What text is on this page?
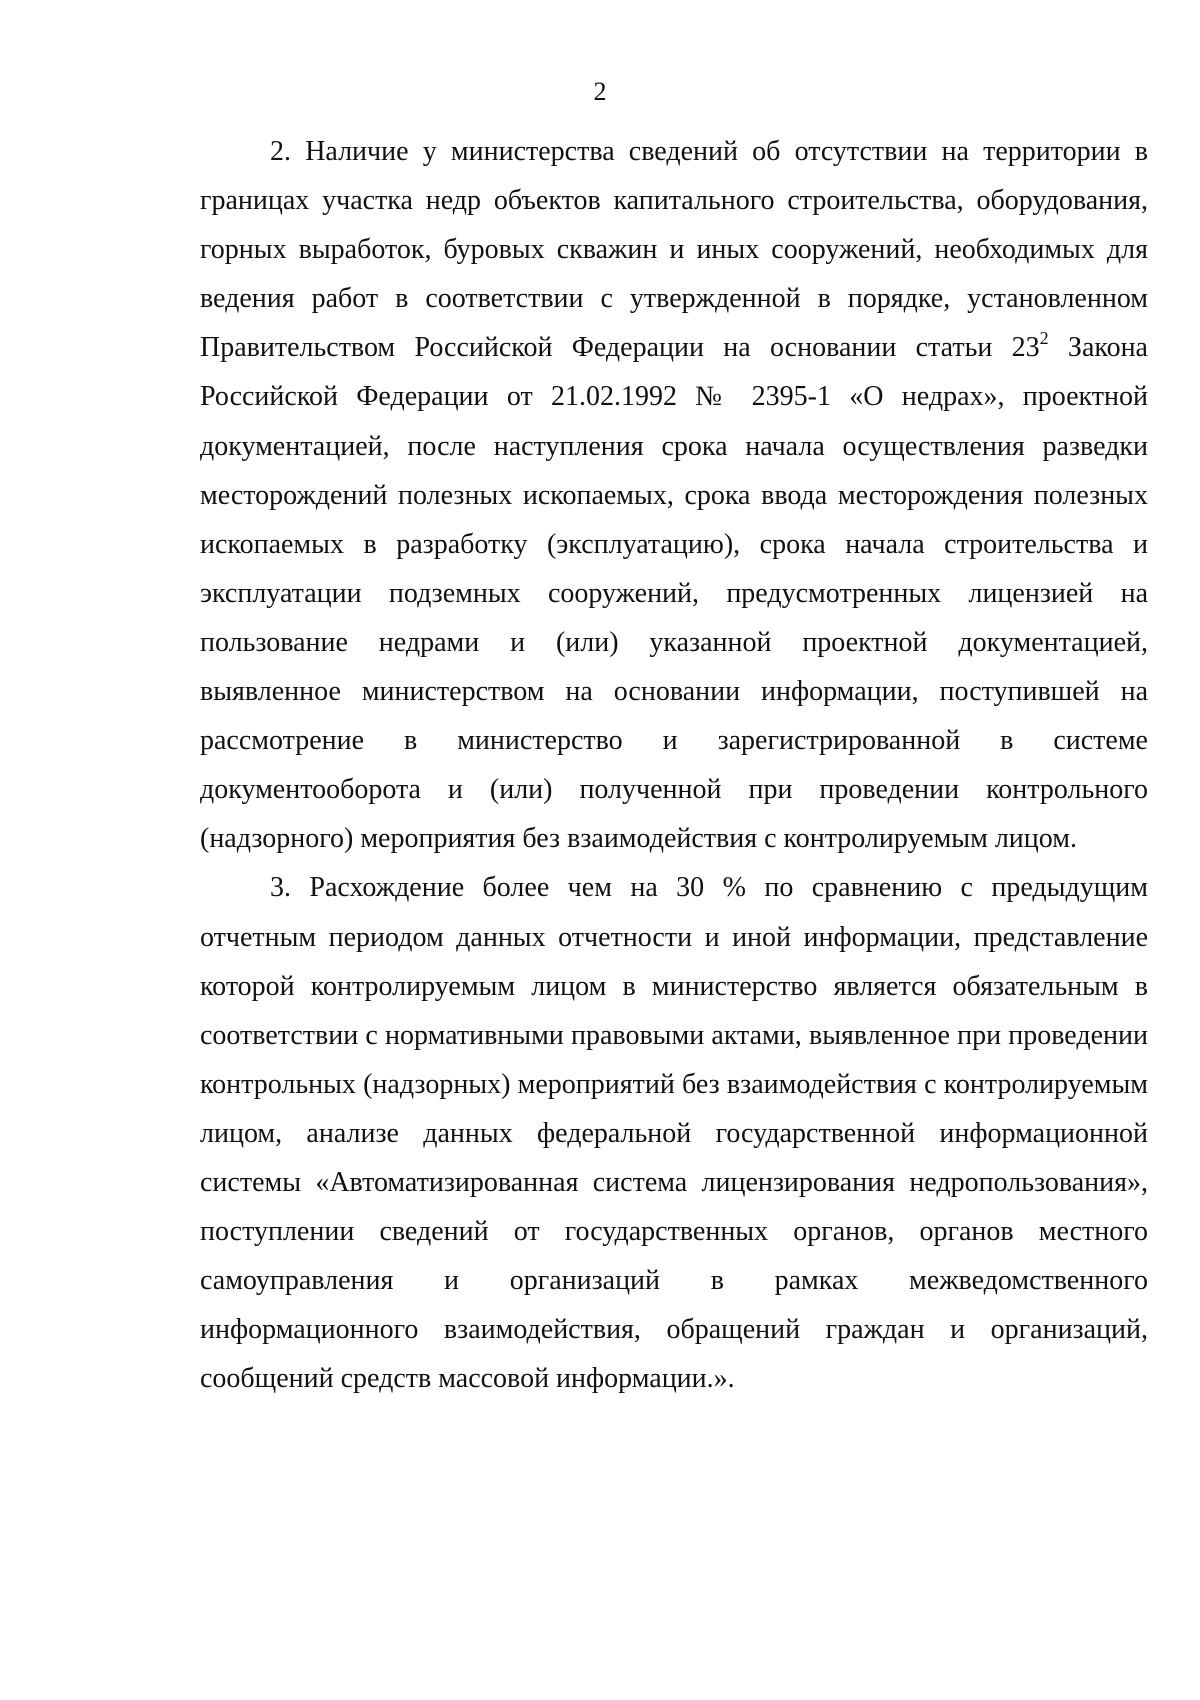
2

2. Наличие у министерства сведений об отсутствии на территории в границах участка недр объектов капитального строительства, оборудования, горных выработок, буровых скважин и иных сооружений, необходимых для ведения работ в соответствии с утвержденной в порядке, установленном Правительством Российской Федерации на основании статьи $23^2$ Закона Российской Федерации от 21.02.1992 № 2395-1 «О недрах», проектной документацией, после наступления срока начала осуществления разведки месторождений полезных ископаемых, срока ввода месторождения полезных ископаемых в разработку (эксплуатацию), срока начала строительства и эксплуатации подземных сооружений, предусмотренных лицензией на пользование недрами и (или) указанной проектной документацией, выявленное министерством на основании информации, поступившей на рассмотрение в министерство и зарегистрированной в системе документооборота и (или) полученной при проведении контрольного (надзорного) мероприятия без взаимодействия с контролируемым лицом.

3. Расхождение более чем на 30 % по сравнению с предыдущим отчетным периодом данных отчетности и иной информации, представление которой контролируемым лицом в министерство является обязательным в соответствии с нормативными правовыми актами, выявленное при проведении контрольных (надзорных) мероприятий без взаимодействия с контролируемым лицом, анализе данных федеральной государственной информационной системы «Автоматизированная система лицензирования недропользования», поступлении сведений от государственных органов, органов местного самоуправления и организаций в рамках межведомственного информационного взаимодействия, обращений граждан и организаций, сообщений средств массовой информации.».
